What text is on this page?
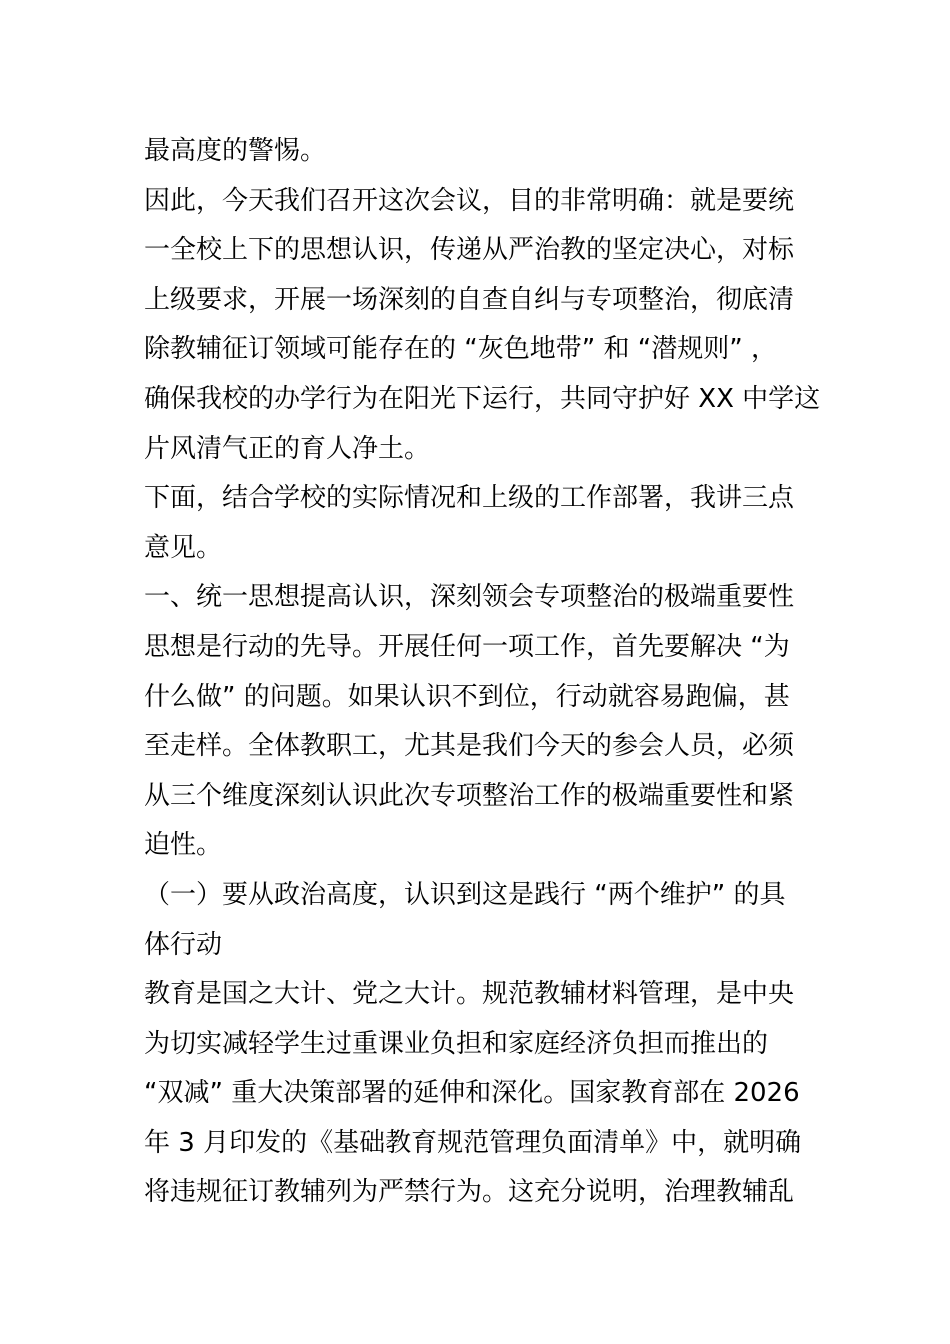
最高度的警惕。
因此，今天我们召开这次会议，目的非常明确：就是要统
一全校上下的思想认识，传递从严治教的坚定决心，对标
上级要求，开展一场深刻的自查自纠与专项整治，彻底清
除教辅征订领域可能存在的 “灰色地带” 和 “潜规则” ，
确保我校的办学行为在阳光下运行，共同守护好 XX 中学这
片风清气正的育人净土。
下面，结合学校的实际情况和上级的工作部署，我讲三点
意见。
一、统一思想提高认识，深刻领会专项整治的极端重要性
思想是行动的先导。开展任何一项工作，首先要解决 “为
什么做” 的问题。如果认识不到位，行动就容易跑偏，甚
至走样。全体教职工，尤其是我们今天的参会人员，必须
从三个维度深刻认识此次专项整治工作的极端重要性和紧
迫性。
（一）要从政治高度，认识到这是践行 “两个维护” 的具
体行动
教育是国之大计、党之大计。规范教辅材料管理，是中央
为切实减轻学生过重课业负担和家庭经济负担而推出的
“双减” 重大决策部署的延伸和深化。国家教育部在 2026
年 3 月印发的《基础教育规范管理负面清单》中，就明确
将违规征订教辅列为严禁行为。这充分说明，治理教辅乱
